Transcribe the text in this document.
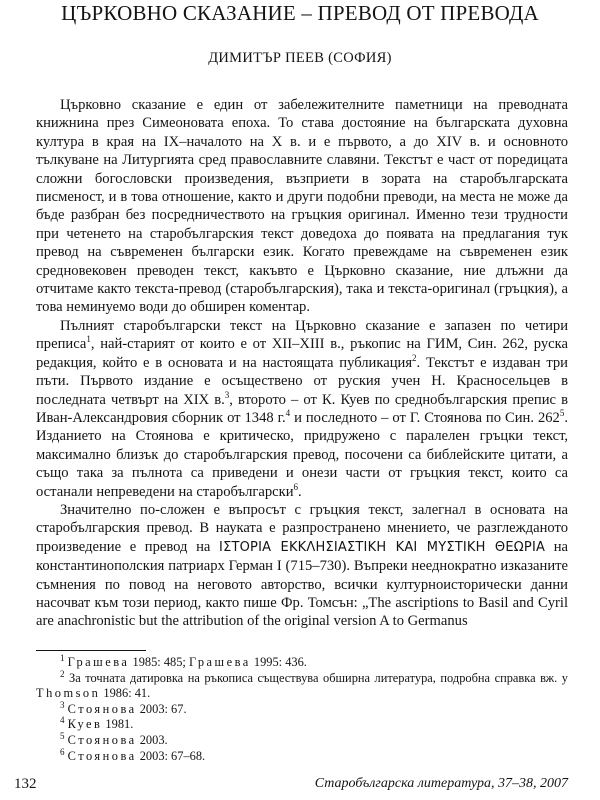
ЦЪРКОВНО СКАЗАНИЕ – ПРЕВОД ОТ ПРЕВОДА
ДИМИТЪР ПЕЕВ (СОФИЯ)

Църковно сказание е един от забележителните паметници на преводната книжнина през Симеоновата епоха. То става достояние на българската духовна култура в края на IX–началото на X в. и е първото, а до XIV в. и основното тълкуване на Литургията сред православните славяни. Текстът е част от поредицата сложни богословски произведения, възприети в зората на старобългарската писменост, и в това отношение, както и други подобни преводи, на места не може да бъде разбран без посредничеството на гръцкия оригинал. Именно тези трудности при четенето на старобългарския текст доведоха до появата на предлагания тук превод на съвременен български език. Когато превеждаме на съвременен език средновековен преводен текст, какъвто е Църковно сказание, ние длъжни да отчитаме както текста-превод (старобългарския), така и текста-оригинал (гръцкия), а това неминуемо води до обширен коментар.

Пълният старобългарски текст на Църковно сказание е запазен по четири преписа$^1$, най-старият от които е от XII–XIII в., ръкопис на ГИМ, Син. 262, руска редакция, който е в основата и на настоящата публикация$^2$. Текстът е издаван три пъти. Първото издание е осъществено от руския учен Н. Красносельцев в последната четвърт на XIX в.$^3$, второто – от К. Куев по среднобългарския препис в Иван-Александровия сборник от 1348 г.$^4$ и последното – от Г. Стоянова по Син. $262^5$. Изданието на Стоянова е критическо, придружено с паралелен гръцки текст, максимално близък до старобългарския превод, посочени са библейските цитати, а също така за пълнота са приведени и онези части от гръцкия текст, които са останали непреведени на старобългарски$^6$.

Значително по-сложен е въпросът с гръцкия текст, залегнал в основата на старобългарския превод. В науката е разпространено мнението, че разглежданото произведение е превод на ΙΣΤΟΡΙΑ ΕΚΚΛΗΣΙΑΣΤΙΚΗ ΚΑΙ ΜΥΣΤΙΚΗ ΘΕΩΡΙΑ на константинополския патриарх Герман I (715–730). Въпреки нееднократно изказаните съмнения по повод на неговото авторство, всички културноисторически данни насочват към този период, както пише Фр. Томсън: „The ascriptions to Basil and Cyril are anachronistic but the attribution of the original version A to Germanus

$^1$ Грашева 1985: 485; Грашева 1995: 436.

$^2$ За точната датировка на ръкописа съществува обширна литература, подробна справка вж. у Thomson 1986: 41.

$^3$ Стоянова 2003: 67.

$^4$ Куев 1981.

$^5$ Стоянова 2003.

$^6$ Стоянова 2003: 67–68.

132	Старобългарска литература, 37–38, 2007
